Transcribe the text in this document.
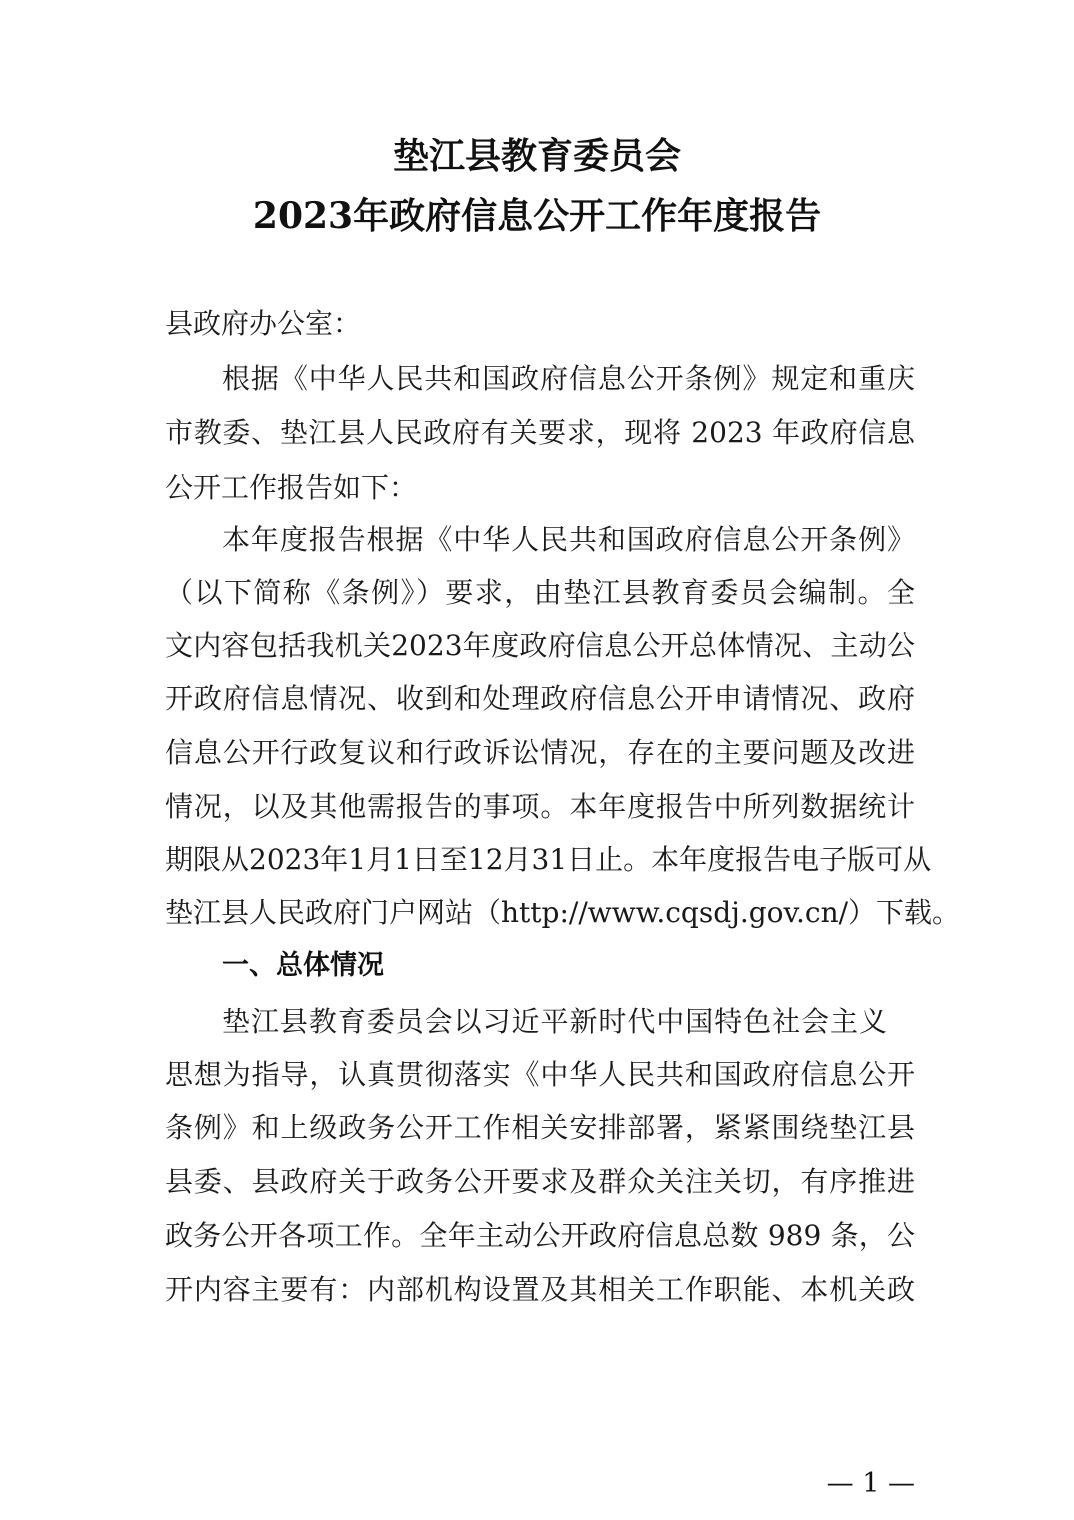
垫江县教育委员会
2023年政府信息公开工作年度报告
县政府办公室：
根据《中华人民共和国政府信息公开条例》规定和重庆
市教委、垫江县人民政府有关要求，现将 2023 年政府信息
公开工作报告如下：
本年度报告根据《中华人民共和国政府信息公开条例》
（以下简称《条例》）要求，由垫江县教育委员会编制。全
文内容包括我机关2023年度政府信息公开总体情况、主动公
开政府信息情况、收到和处理政府信息公开申请情况、政府
信息公开行政复议和行政诉讼情况，存在的主要问题及改进
情况，以及其他需报告的事项。本年度报告中所列数据统计
期限从2023年1月1日至12月31日止。本年度报告电子版可从
垫江县人民政府门户网站（http://www.cqsdj.gov.cn/）下载。
一、总体情况
垫江县教育委员会以习近平新时代中国特色社会主义
思想为指导，认真贯彻落实《中华人民共和国政府信息公开
条例》和上级政务公开工作相关安排部署，紧紧围绕垫江县
县委、县政府关于政务公开要求及群众关注关切，有序推进
政务公开各项工作。全年主动公开政府信息总数 989 条，公
开内容主要有：内部机构设置及其相关工作职能、本机关政
— 1 —
